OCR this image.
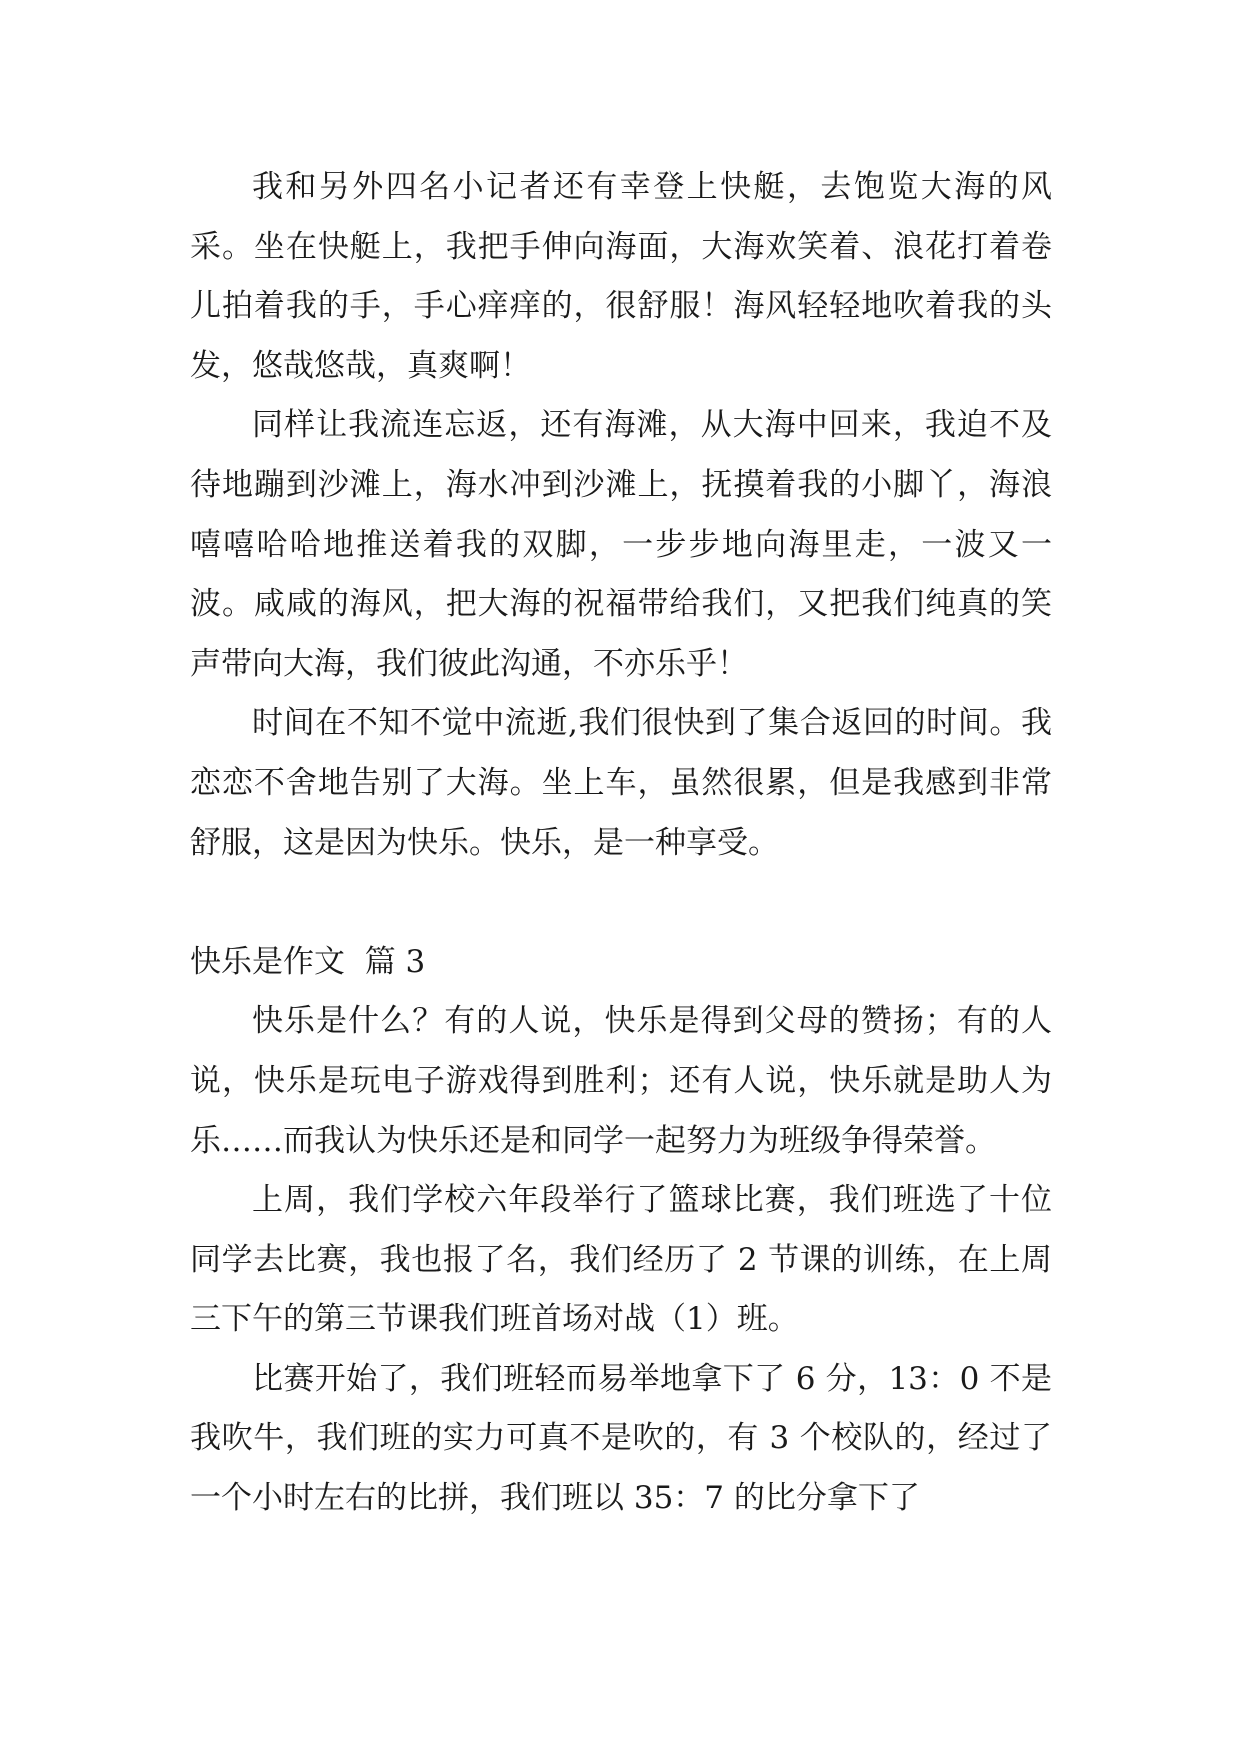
我和另外四名小记者还有幸登上快艇，去饱览大海的风采。坐在快艇上，我把手伸向海面，大海欢笑着、浪花打着卷儿拍着我的手，手心痒痒的，很舒服！海风轻轻地吹着我的头发，悠哉悠哉，真爽啊！

同样让我流连忘返，还有海滩，从大海中回来，我迫不及待地蹦到沙滩上，海水冲到沙滩上，抚摸着我的小脚丫，海浪嘻嘻哈哈地推送着我的双脚，一步步地向海里走，一波又一波。咸咸的海风，把大海的祝福带给我们，又把我们纯真的笑声带向大海，我们彼此沟通，不亦乐乎！

时间在不知不觉中流逝,我们很快到了集合返回的时间。我恋恋不舍地告别了大海。坐上车，虽然很累，但是我感到非常舒服，这是因为快乐。快乐，是一种享受。

快乐是作文  篇 3

快乐是什么？有的人说，快乐是得到父母的赞扬；有的人说，快乐是玩电子游戏得到胜利；还有人说，快乐就是助人为乐……而我认为快乐还是和同学一起努力为班级争得荣誉。

上周，我们学校六年段举行了篮球比赛，我们班选了十位同学去比赛，我也报了名，我们经历了 2 节课的训练，在上周三下午的第三节课我们班首场对战（1）班。

比赛开始了，我们班轻而易举地拿下了 6 分，13：0 不是我吹牛，我们班的实力可真不是吹的，有 3 个校队的，经过了一个小时左右的比拼，我们班以 35：7 的比分拿下了
